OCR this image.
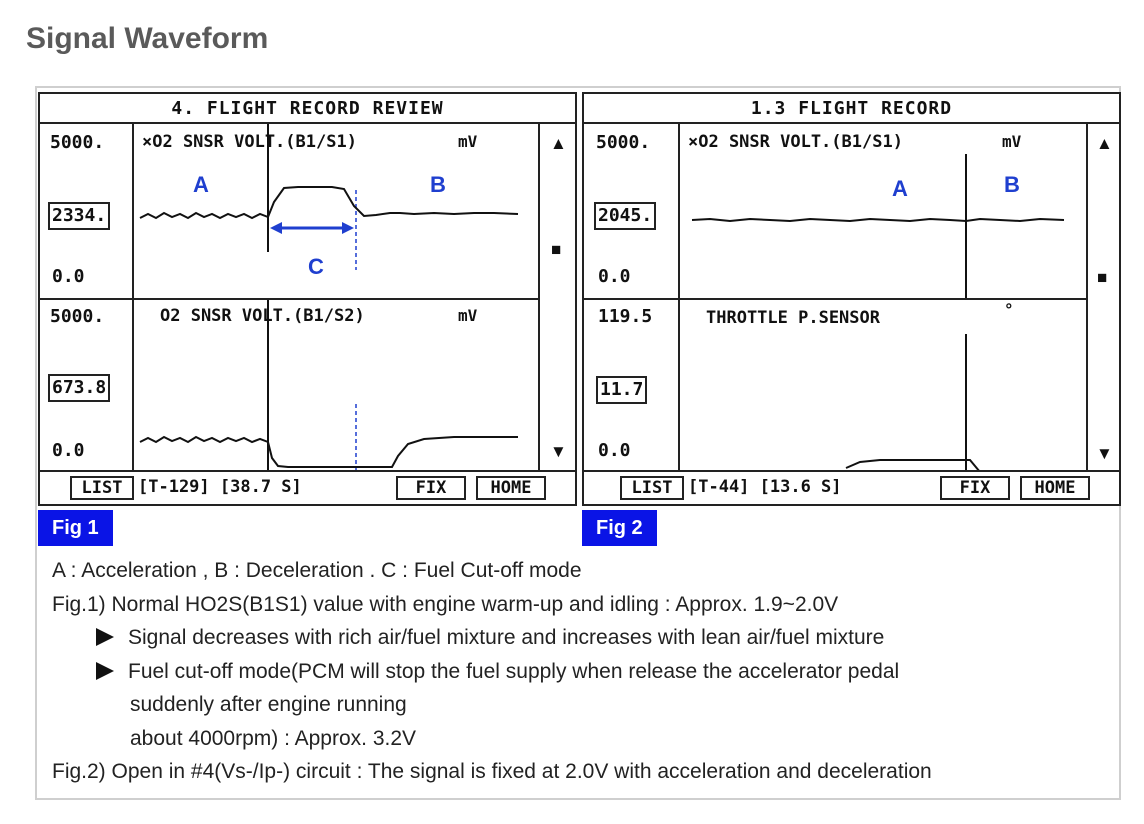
Signal Waveform
4. FLIGHT RECORD REVIEW
5000.
2334.
0.0
×O2 SNSR VOLT.(B1/S1)	mV
5000.
673.8
0.0
O2 SNSR VOLT.(B1/S2)	mV
A	B
C
▲
■
▼
LIST [T-129] [38.7 S]	FIX	HOME
1.3 FLIGHT RECORD
5000.
2045.
0.0
×O2 SNSR VOLT.(B1/S1)	mV
119.5
11.7
0.0
THROTTLE P.SENSOR	°
A	B
▲
■
▼
LIST [T-44] [13.6 S]	FIX	HOME
Fig 1	Fig 2
A : Acceleration , B : Deceleration . C : Fuel Cut-off mode
Fig.1) Normal HO2S(B1S1) value with engine warm-up and idling : Approx. 1.9~2.0V
Signal decreases with rich air/fuel mixture and increases with lean air/fuel mixture
Fuel cut-off mode(PCM will stop the fuel supply when release the accelerator pedal
suddenly after engine running
about 4000rpm) : Approx. 3.2V
Fig.2) Open in #4(Vs-/Ip-) circuit : The signal is fixed at 2.0V with acceleration and deceleration
